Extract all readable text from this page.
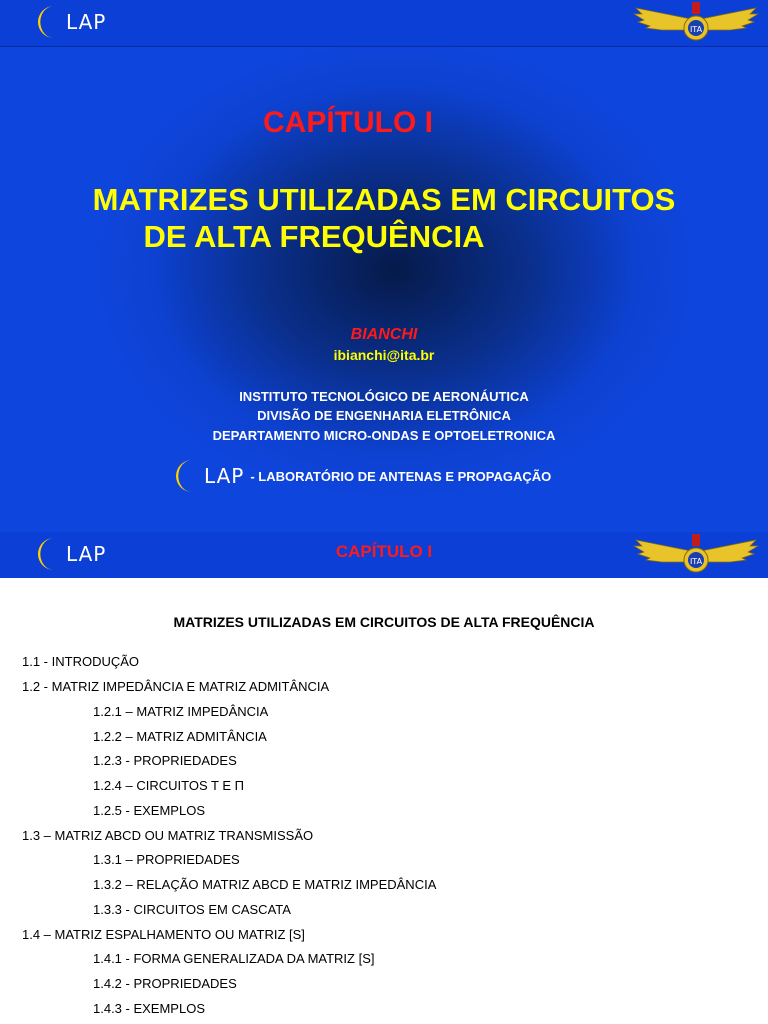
LAP	ITA
CAPÍTULO I
MATRIZES UTILIZADAS EM CIRCUITOS
DE ALTA FREQUÊNCIA
BIANCHI
ibianchi@ita.br
INSTITUTO TECNOLÓGICO DE AERONÁUTICA
DIVISÃO DE ENGENHARIA ELETRÔNICA
DEPARTAMENTO MICRO-ONDAS E OPTOELETRONICA
LAP - LABORATÓRIO DE ANTENAS E PROPAGAÇÃO
LAP	ITA
CAPÍTULO I
MATRIZES UTILIZADAS EM CIRCUITOS DE ALTA FREQUÊNCIA
1.1 - INTRODUÇÃO
1.2 - MATRIZ IMPEDÂNCIA E MATRIZ ADMITÂNCIA
1.2.1 – MATRIZ IMPEDÂNCIA
1.2.2 – MATRIZ ADMITÂNCIA
1.2.3 - PROPRIEDADES
1.2.4 – CIRCUITOS T E Π
1.2.5 - EXEMPLOS
1.3 – MATRIZ ABCD OU MATRIZ TRANSMISSÃO
1.3.1 – PROPRIEDADES
1.3.2 – RELAÇÃO MATRIZ ABCD E MATRIZ IMPEDÂNCIA
1.3.3 - CIRCUITOS EM CASCATA
1.4 – MATRIZ ESPALHAMENTO OU MATRIZ [S]
1.4.1 - FORMA GENERALIZADA DA MATRIZ [S]
1.4.2 - PROPRIEDADES
1.4.3 - EXEMPLOS
